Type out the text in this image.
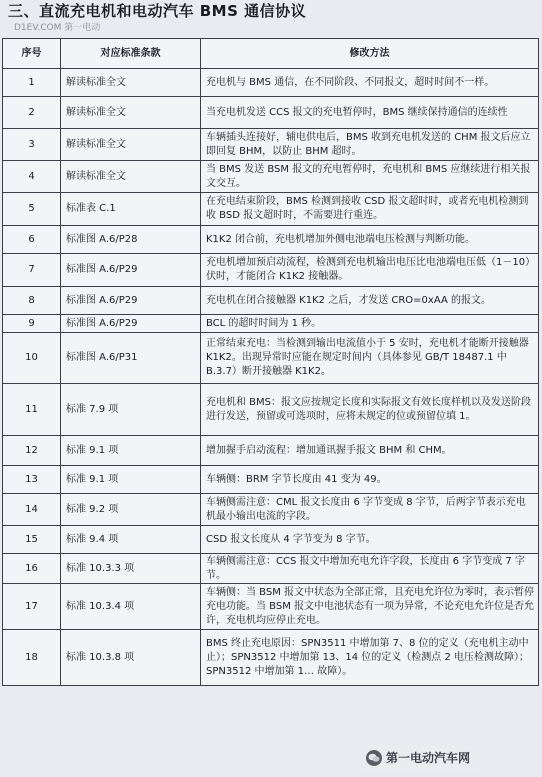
三、直流充电机和电动汽车 BMS 通信协议
D1EV.COM 第一电动
序号	对应标准条款	修改方法
1	解读标准全文	充电机与 BMS 通信，在不同阶段、不同报文，超时时间不一样。
2	解读标准全文	当充电机发送 CCS 报文的充电暂停时，BMS 继续保持通信的连续性
3	解读标准全文	车辆插头连接好，辅电供电后，BMS 收到充电机发送的 CHM 报文后应立即回复 BHM，以防止 BHM 超时。
4	解读标准全文	当 BMS 发送 BSM 报文的充电暂停时，充电机和 BMS 应继续进行相关报文交互。
5	标准表 C.1	在充电结束阶段，BMS 检测到接收 CSD 报文超时时，或者充电机检测到收 BSD 报文超时时，不需要进行重连。
6	标准图 A.6/P28	K1K2 闭合前，充电机增加外侧电池端电压检测与判断功能。
7	标准图 A.6/P29	充电机增加预启动流程，检测到充电机输出电压比电池端电压低（1－10）伏时，才能闭合 K1K2 接触器。
8	标准图 A.6/P29	充电机在闭合接触器 K1K2 之后，才发送 CRO=0xAA 的报文。
9	标准图 A.6/P29	BCL 的超时时间为 1 秒。
10	标准图 A.6/P31	正常结束充电：当检测到输出电流值小于 5 安时，充电机才能断开接触器 K1K2。出现异常时应能在规定时间内（具体参见 GB/T 18487.1 中 B.3.7）断开接触器 K1K2。
11	标准 7.9 项	充电机和 BMS：报文应按规定长度和实际报文有效长度样机以及发送阶段进行发送，预留或可选项时，应将未规定的位或预留位填 1。
12	标准 9.1 项	增加握手启动流程：增加通讯握手报文 BHM 和 CHM。
13	标准 9.1 项	车辆侧：BRM 字节长度由 41 变为 49。
14	标准 9.2 项	车辆侧需注意：CML 报文长度由 6 字节变成 8 字节，后两字节表示充电机最小输出电流的字段。
15	标准 9.4 项	CSD 报文长度从 4 字节变为 8 字节。
16	标准 10.3.3 项	车辆侧需注意：CCS 报文中增加充电允许字段，长度由 6 字节变成 7 字节。
17	标准 10.3.4 项	车辆侧：当 BSM 报文中状态为全部正常，且充电允许位为零时，表示暂停充电功能。当 BSM 报文中电池状态有一项为异常，不论充电允许位是否允许，充电机均应停止充电。
18	标准 10.3.8 项	BMS 终止充电原因：SPN3511 中增加第 7、8 位的定义（充电机主动中止）；SPN3512 中增加第 13、14 位的定义（检测点 2 电压检测故障）；SPN3512 中增加第 1… 故障）。
第一电动汽车网
